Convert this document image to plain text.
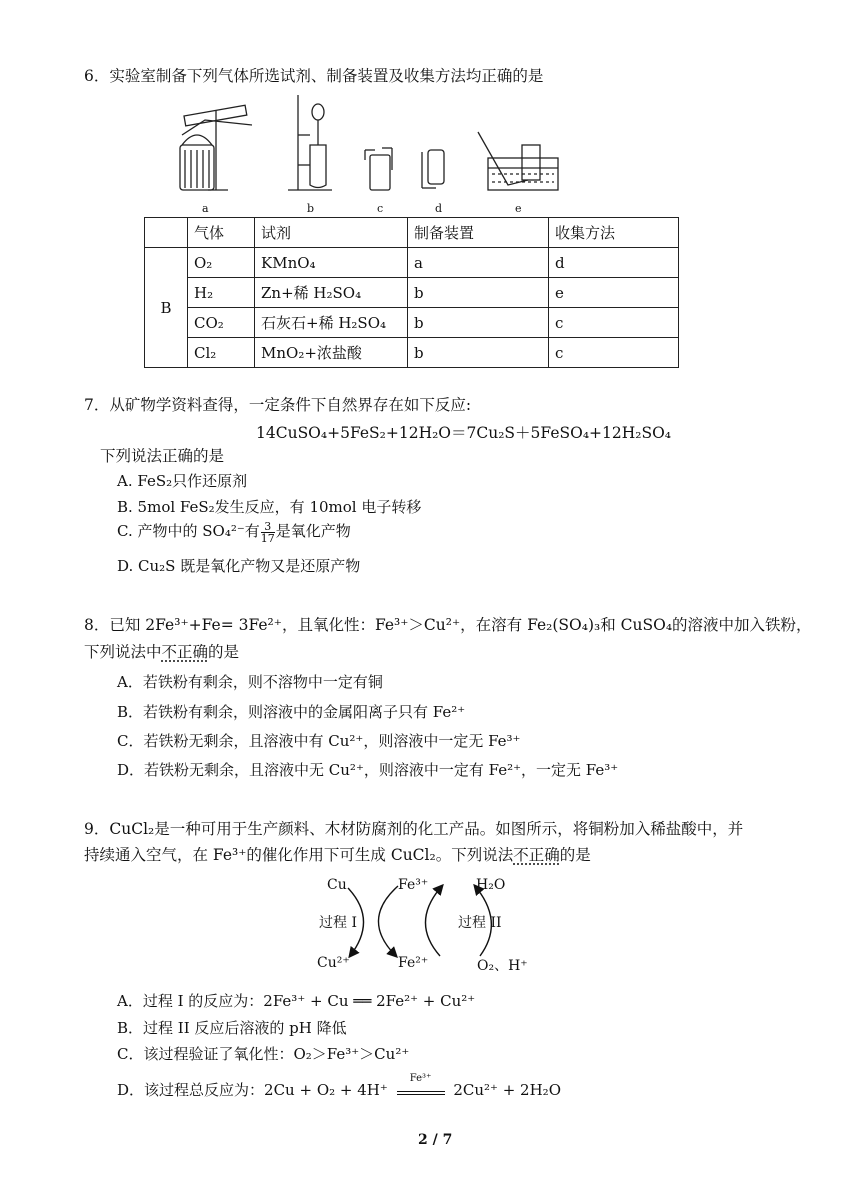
6．实验室制备下列气体所选试剂、制备装置及收集方法均正确的是
a	b	c	d	e
	气体	试剂	制备装置	收集方法
B	O₂	KMnO₄	a	d
	H₂	Zn+稀 H₂SO₄	b	e
	CO₂	石灰石+稀 H₂SO₄	b	c
	Cl₂	MnO₂+浓盐酸	b	c
7．从矿物学资料查得，一定条件下自然界存在如下反应:
14CuSO₄+5FeS₂+12H₂O＝7Cu₂S＋5FeSO₄+12H₂SO₄
下列说法正确的是
A. FeS₂只作还原剂
B. 5mol FeS₂发生反应，有 10mol 电子转移
C. 产物中的 SO₄²⁻有 $\frac{3}{17}$ 是氧化产物
D. Cu₂S 既是氧化产物又是还原产物
8．已知 2Fe³⁺+Fe= 3Fe²⁺，且氧化性：Fe³⁺＞Cu²⁺，在溶有 Fe₂(SO₄)₃和 CuSO₄的溶液中加入铁粉，
下列说法中不正确的是
A．若铁粉有剩余，则不溶物中一定有铜
B．若铁粉有剩余，则溶液中的金属阳离子只有 Fe²⁺
C．若铁粉无剩余，且溶液中有 Cu²⁺，则溶液中一定无 Fe³⁺
D．若铁粉无剩余，且溶液中无 Cu²⁺，则溶液中一定有 Fe²⁺，一定无 Fe³⁺
9．CuCl₂是一种可用于生产颜料、木材防腐剂的化工产品。如图所示，将铜粉加入稀盐酸中，并
持续通入空气，在 Fe³⁺的催化作用下可生成 CuCl₂。下列说法不正确的是
Cu	Fe³⁺	H₂O
过程 I	过程 II
Cu²⁺	Fe²⁺	O₂、H⁺
A．过程 I 的反应为：2Fe³⁺ + Cu ══ 2Fe²⁺ + Cu²⁺
B．过程 II 反应后溶液的 pH 降低
C．该过程验证了氧化性：O₂＞Fe³⁺＞Cu²⁺
D．该过程总反应为：2Cu + O₂ + 4H⁺
Fe³⁺
2Cu²⁺ + 2H₂O
2 / 7
